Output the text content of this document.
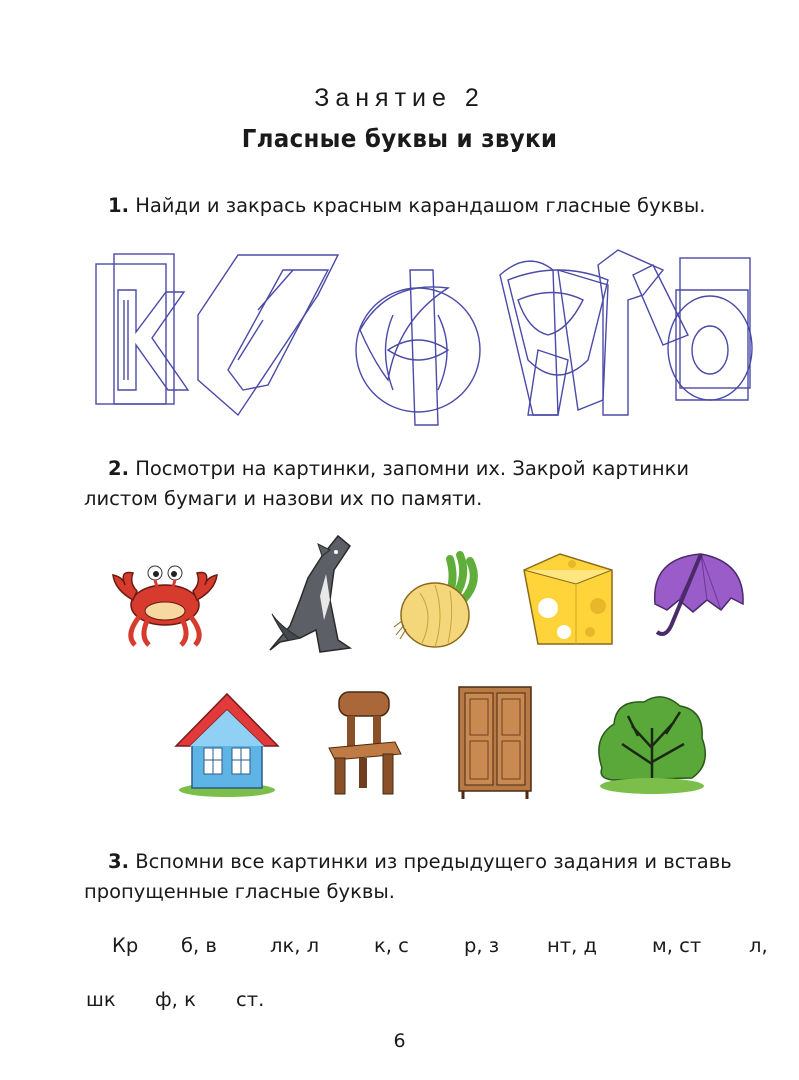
Занятие 2
Гласные буквы и звуки
1. Найди и закрась красным карандашом гласные буквы.
2. Посмотри на картинки, запомни их. Закрой картинки
листом бумаги и назови их по памяти.
3. Вспомни все картинки из предыдущего задания и вставь
пропущенные гласные буквы.
Кр б, в	лк, л	к, с	р, з нт, д	м, ст л,
шк ф, к ст.
6
